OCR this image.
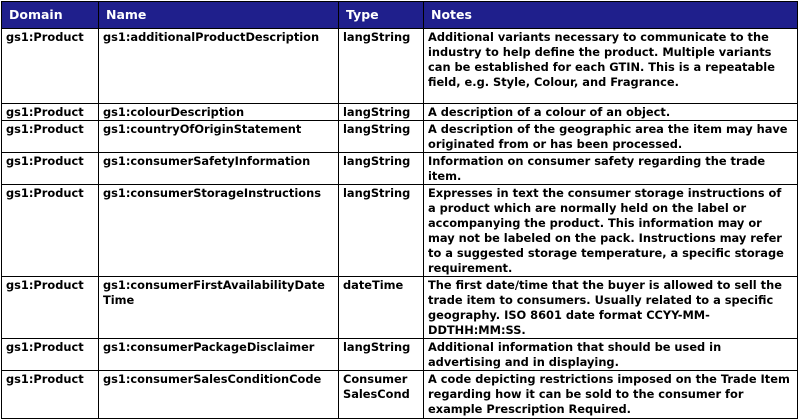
Domain	Name	Type	Notes
gs1:Product	gs1:additionalProductDescription	langString	Additional variants necessary to communicate to the industry to help define the product. Multiple variants can be established for each GTIN. This is a repeatable field, e.g. Style, Colour, and Fragrance.
gs1:Product	gs1:colourDescription	langString	A description of a colour of an object.
gs1:Product	gs1:countryOfOriginStatement	langString	A description of the geographic area the item may have originated from or has been processed.
gs1:Product	gs1:consumerSafetyInformation	langString	Information on consumer safety regarding the trade item.
gs1:Product	gs1:consumerStorageInstructions	langString	Expresses in text the consumer storage instructions of a product which are normally held on the label or accompanying the product. This information may or may not be labeled on the pack. Instructions may refer to a suggested storage temperature, a specific storage requirement.
gs1:Product	gs1:consumerFirstAvailabilityDate Time	dateTime	The first date/time that the buyer is allowed to sell the trade item to consumers. Usually related to a specific geography. ISO 8601 date format CCYY-MM-DDTHH:MM:SS.
gs1:Product	gs1:consumerPackageDisclaimer	langString	Additional information that should be used in advertising and in displaying.
gs1:Product	gs1:consumerSalesConditionCode	Consumer SalesCond	A code depicting restrictions imposed on the Trade Item regarding how it can be sold to the consumer for example Prescription Required.
